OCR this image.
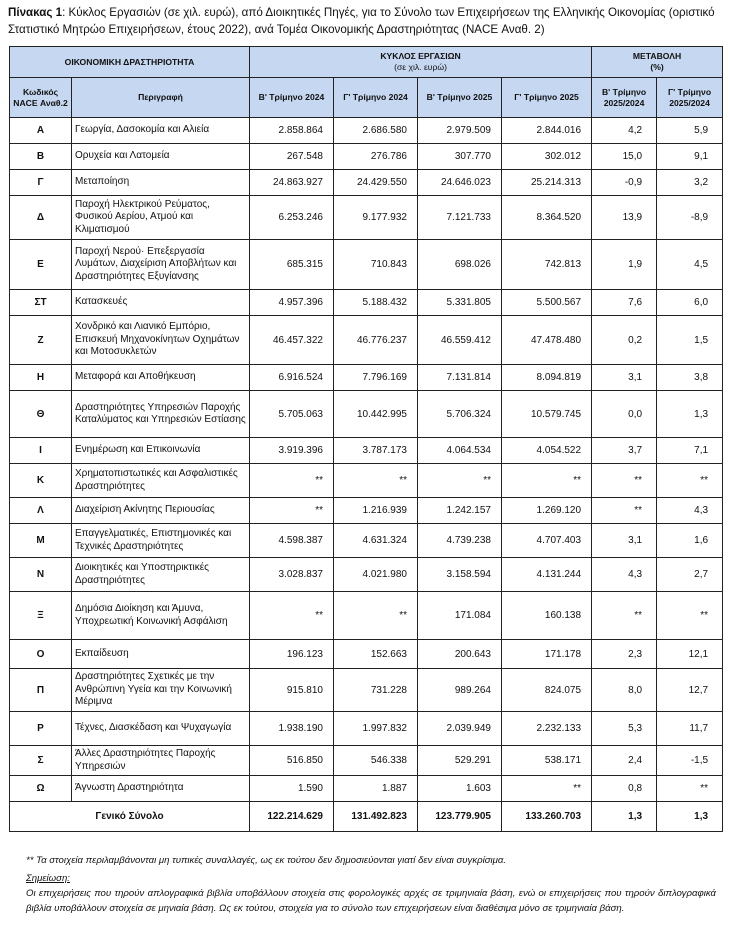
Πίνακας 1: Κύκλος Εργασιών (σε χιλ. ευρώ), από Διοικητικές Πηγές, για το Σύνολο των Επιχειρήσεων της Ελληνικής Οικονομίας (οριστικό Στατιστικό Μητρώο Επιχειρήσεων, έτους 2022), ανά Τομέα Οικονομικής Δραστηριότητας (NACE Αναθ. 2)
ΟΙΚΟΝΟΜΙΚΗ ΔΡΑΣΤΗΡΙΟΤΗΤΑ		ΚΥΚΛΟΣ ΕΡΓΑΣΙΩΝ
(σε χιλ. ευρώ)				ΜΕΤΑΒΟΛΗ
(%)	
Κωδικός NACE Αναθ.2	Περιγραφή	Β' Τρίμηνο 2024	Γ' Τρίμηνο 2024	Β' Τρίμηνο 2025	Γ' Τρίμηνο 2025	Β' Τρίμηνο 2025/2024	Γ' Τρίμηνο 2025/2024
Α	Γεωργία, Δασοκομία και Αλιεία	2.858.864	2.686.580	2.979.509	2.844.016	4,2	5,9
Β	Ορυχεία και Λατομεία	267.548	276.786	307.770	302.012	15,0	9,1
Γ	Μεταποίηση	24.863.927	24.429.550	24.646.023	25.214.313	-0,9	3,2
Δ	Παροχή Ηλεκτρικού Ρεύματος, Φυσικού Αερίου, Ατμού και Κλιματισμού	6.253.246	9.177.932	7.121.733	8.364.520	13,9	-8,9
Ε	Παροχή Νερού· Επεξεργασία Λυμάτων, Διαχείριση Αποβλήτων και Δραστηριότητες Εξυγίανσης	685.315	710.843	698.026	742.813	1,9	4,5
ΣΤ	Κατασκευές	4.957.396	5.188.432	5.331.805	5.500.567	7,6	6,0
Ζ	Χονδρικό και Λιανικό Εμπόριο, Επισκευή Μηχανοκίνητων Οχημάτων και Μοτοσυκλετών	46.457.322	46.776.237	46.559.412	47.478.480	0,2	1,5
Η	Μεταφορά και Αποθήκευση	6.916.524	7.796.169	7.131.814	8.094.819	3,1	3,8
Θ	Δραστηριότητες Υπηρεσιών Παροχής Καταλύματος και Υπηρεσιών Εστίασης	5.705.063	10.442.995	5.706.324	10.579.745	0,0	1,3
Ι	Ενημέρωση και Επικοινωνία	3.919.396	3.787.173	4.064.534	4.054.522	3,7	7,1
Κ	Χρηματοπιστωτικές και Ασφαλιστικές Δραστηριότητες	**	**	**	**	**	**
Λ	Διαχείριση Ακίνητης Περιουσίας	**	1.216.939	1.242.157	1.269.120	**	4,3
Μ	Επαγγελματικές, Επιστημονικές και Τεχνικές Δραστηριότητες	4.598.387	4.631.324	4.739.238	4.707.403	3,1	1,6
Ν	Διοικητικές και Υποστηρικτικές Δραστηριότητες	3.028.837	4.021.980	3.158.594	4.131.244	4,3	2,7
Ξ	Δημόσια Διοίκηση και Άμυνα, Υποχρεωτική Κοινωνική Ασφάλιση	**	**	171.084	160.138	**	**
Ο	Εκπαίδευση	196.123	152.663	200.643	171.178	2,3	12,1
Π	Δραστηριότητες Σχετικές με την Ανθρώπινη Υγεία και την Κοινωνική Μέριμνα	915.810	731.228	989.264	824.075	8,0	12,7
Ρ	Τέχνες, Διασκέδαση και Ψυχαγωγία	1.938.190	1.997.832	2.039.949	2.232.133	5,3	11,7
Σ	Άλλες Δραστηριότητες Παροχής Υπηρεσιών	516.850	546.338	529.291	538.171	2,4	-1,5
Ω	Άγνωστη Δραστηριότητα	1.590	1.887	1.603	**	0,8	**
Γενικό Σύνολο		122.214.629	131.492.823	123.779.905	133.260.703	1,3	1,3
** Τα στοιχεία περιλαμβάνονται μη τυπικές συναλλαγές, ως εκ τούτου δεν δημοσιεύονται γιατί δεν είναι συγκρίσιμα.
Σημείωση:
Οι επιχειρήσεις που τηρούν απλογραφικά βιβλία υποβάλλουν στοιχεία στις φορολογικές αρχές σε τριμηνιαία βάση, ενώ οι επιχειρήσεις που τηρούν διπλογραφικά βιβλία υποβάλλουν στοιχεία σε μηνιαία βάση. Ως εκ τούτου, στοιχεία για το σύνολο των επιχειρήσεων είναι διαθέσιμα μόνο σε τριμηνιαία βάση.
